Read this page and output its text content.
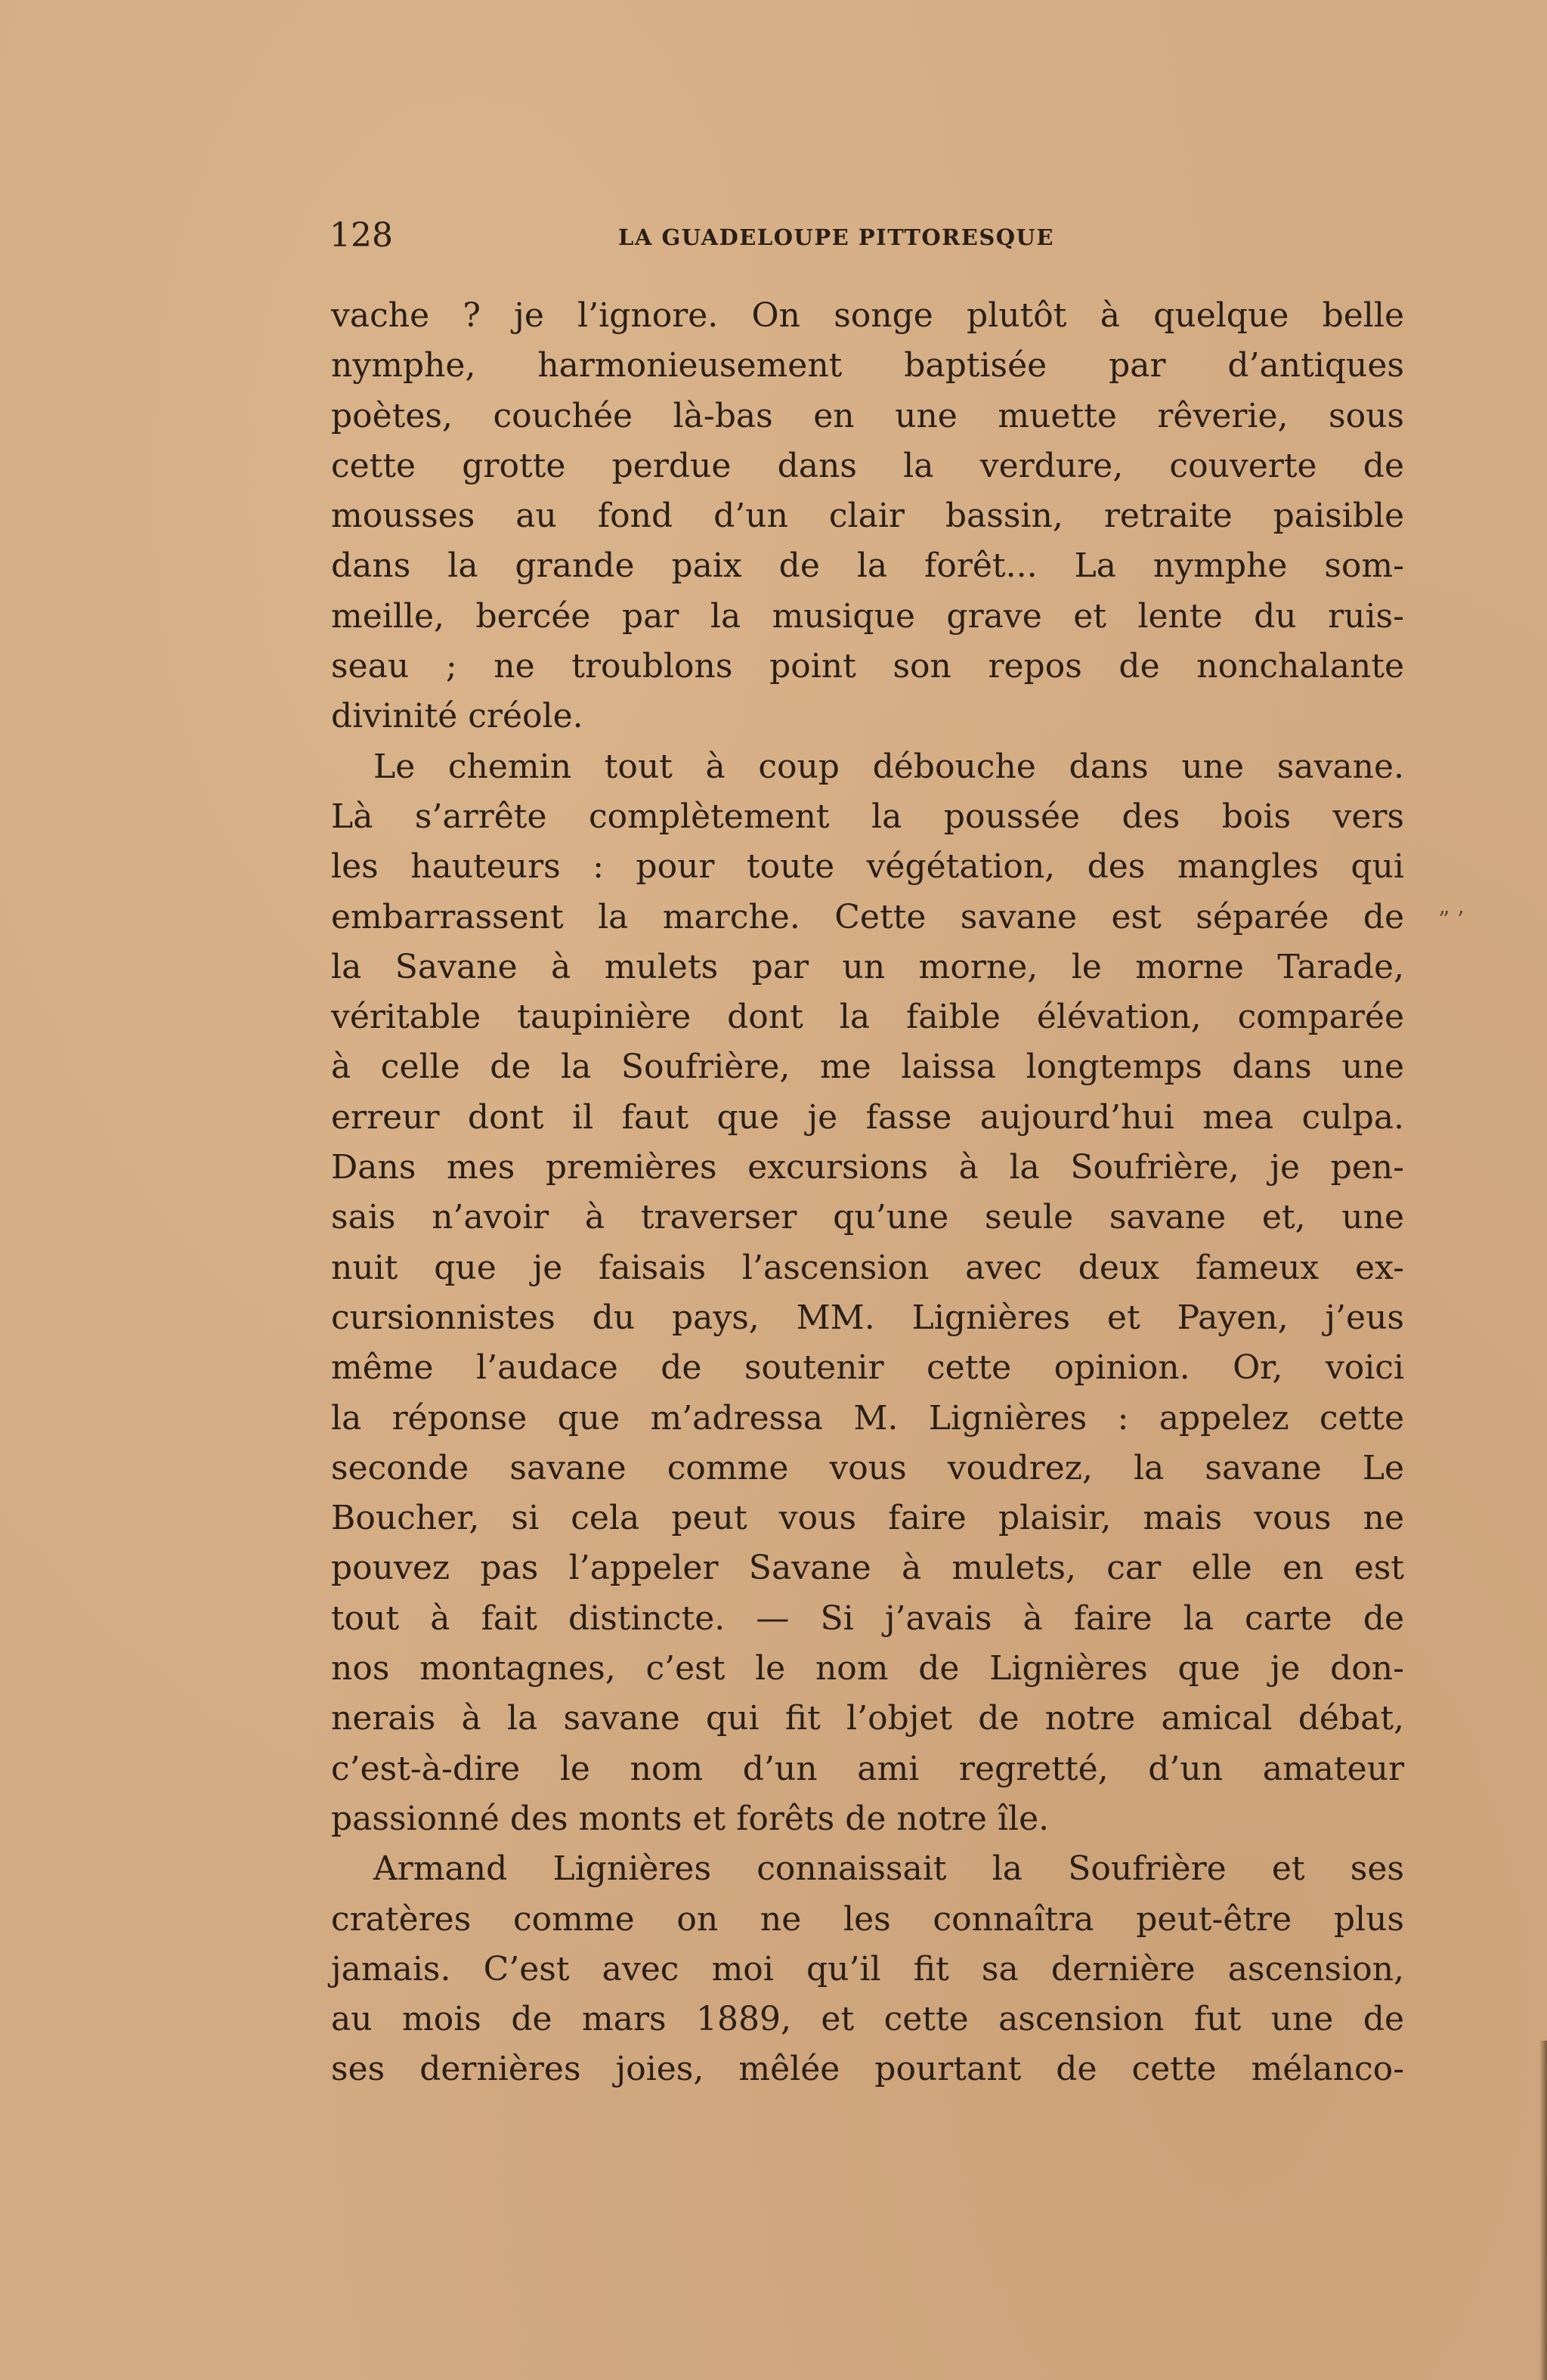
128	LA GUADELOUPE PITTORESQUE
vache ? je l’ignore. On songe plutôt à quelque belle
nymphe, harmonieusement baptisée par d’antiques
poètes, couchée là-bas en une muette rêverie, sous
cette grotte perdue dans la verdure, couverte de
mousses au fond d’un clair bassin, retraite paisible
dans la grande paix de la forêt... La nymphe som-
meille, bercée par la musique grave et lente du ruis-
seau ; ne troublons point son repos de nonchalante
divinité créole.
Le chemin tout à coup débouche dans une savane.
Là s’arrête complètement la poussée des bois vers
les hauteurs : pour toute végétation, des mangles qui
embarrassent la marche. Cette savane est séparée de
la Savane à mulets par un morne, le morne Tarade,
véritable taupinière dont la faible élévation, comparée
à celle de la Soufrière, me laissa longtemps dans une
erreur dont il faut que je fasse aujourd’hui mea culpa.
Dans mes premières excursions à la Soufrière, je pen-
sais n’avoir à traverser qu’une seule savane et, une
nuit que je faisais l’ascension avec deux fameux ex-
cursionnistes du pays, MM. Lignières et Payen, j’eus
même l’audace de soutenir cette opinion. Or, voici
la réponse que m’adressa M. Lignières : appelez cette
seconde savane comme vous voudrez, la savane Le
Boucher, si cela peut vous faire plaisir, mais vous ne
pouvez pas l’appeler Savane à mulets, car elle en est
tout à fait distincte. — Si j’avais à faire la carte de
nos montagnes, c’est le nom de Lignières que je don-
nerais à la savane qui fit l’objet de notre amical débat,
c’est-à-dire le nom d’un ami regretté, d’un amateur
passionné des monts et forêts de notre île.
Armand Lignières connaissait la Soufrière et ses
cratères comme on ne les connaîtra peut-être plus
jamais. C’est avec moi qu’il fit sa dernière ascension,
au mois de mars 1889, et cette ascension fut une de
ses dernières joies, mêlée pourtant de cette mélanco-
” ’
